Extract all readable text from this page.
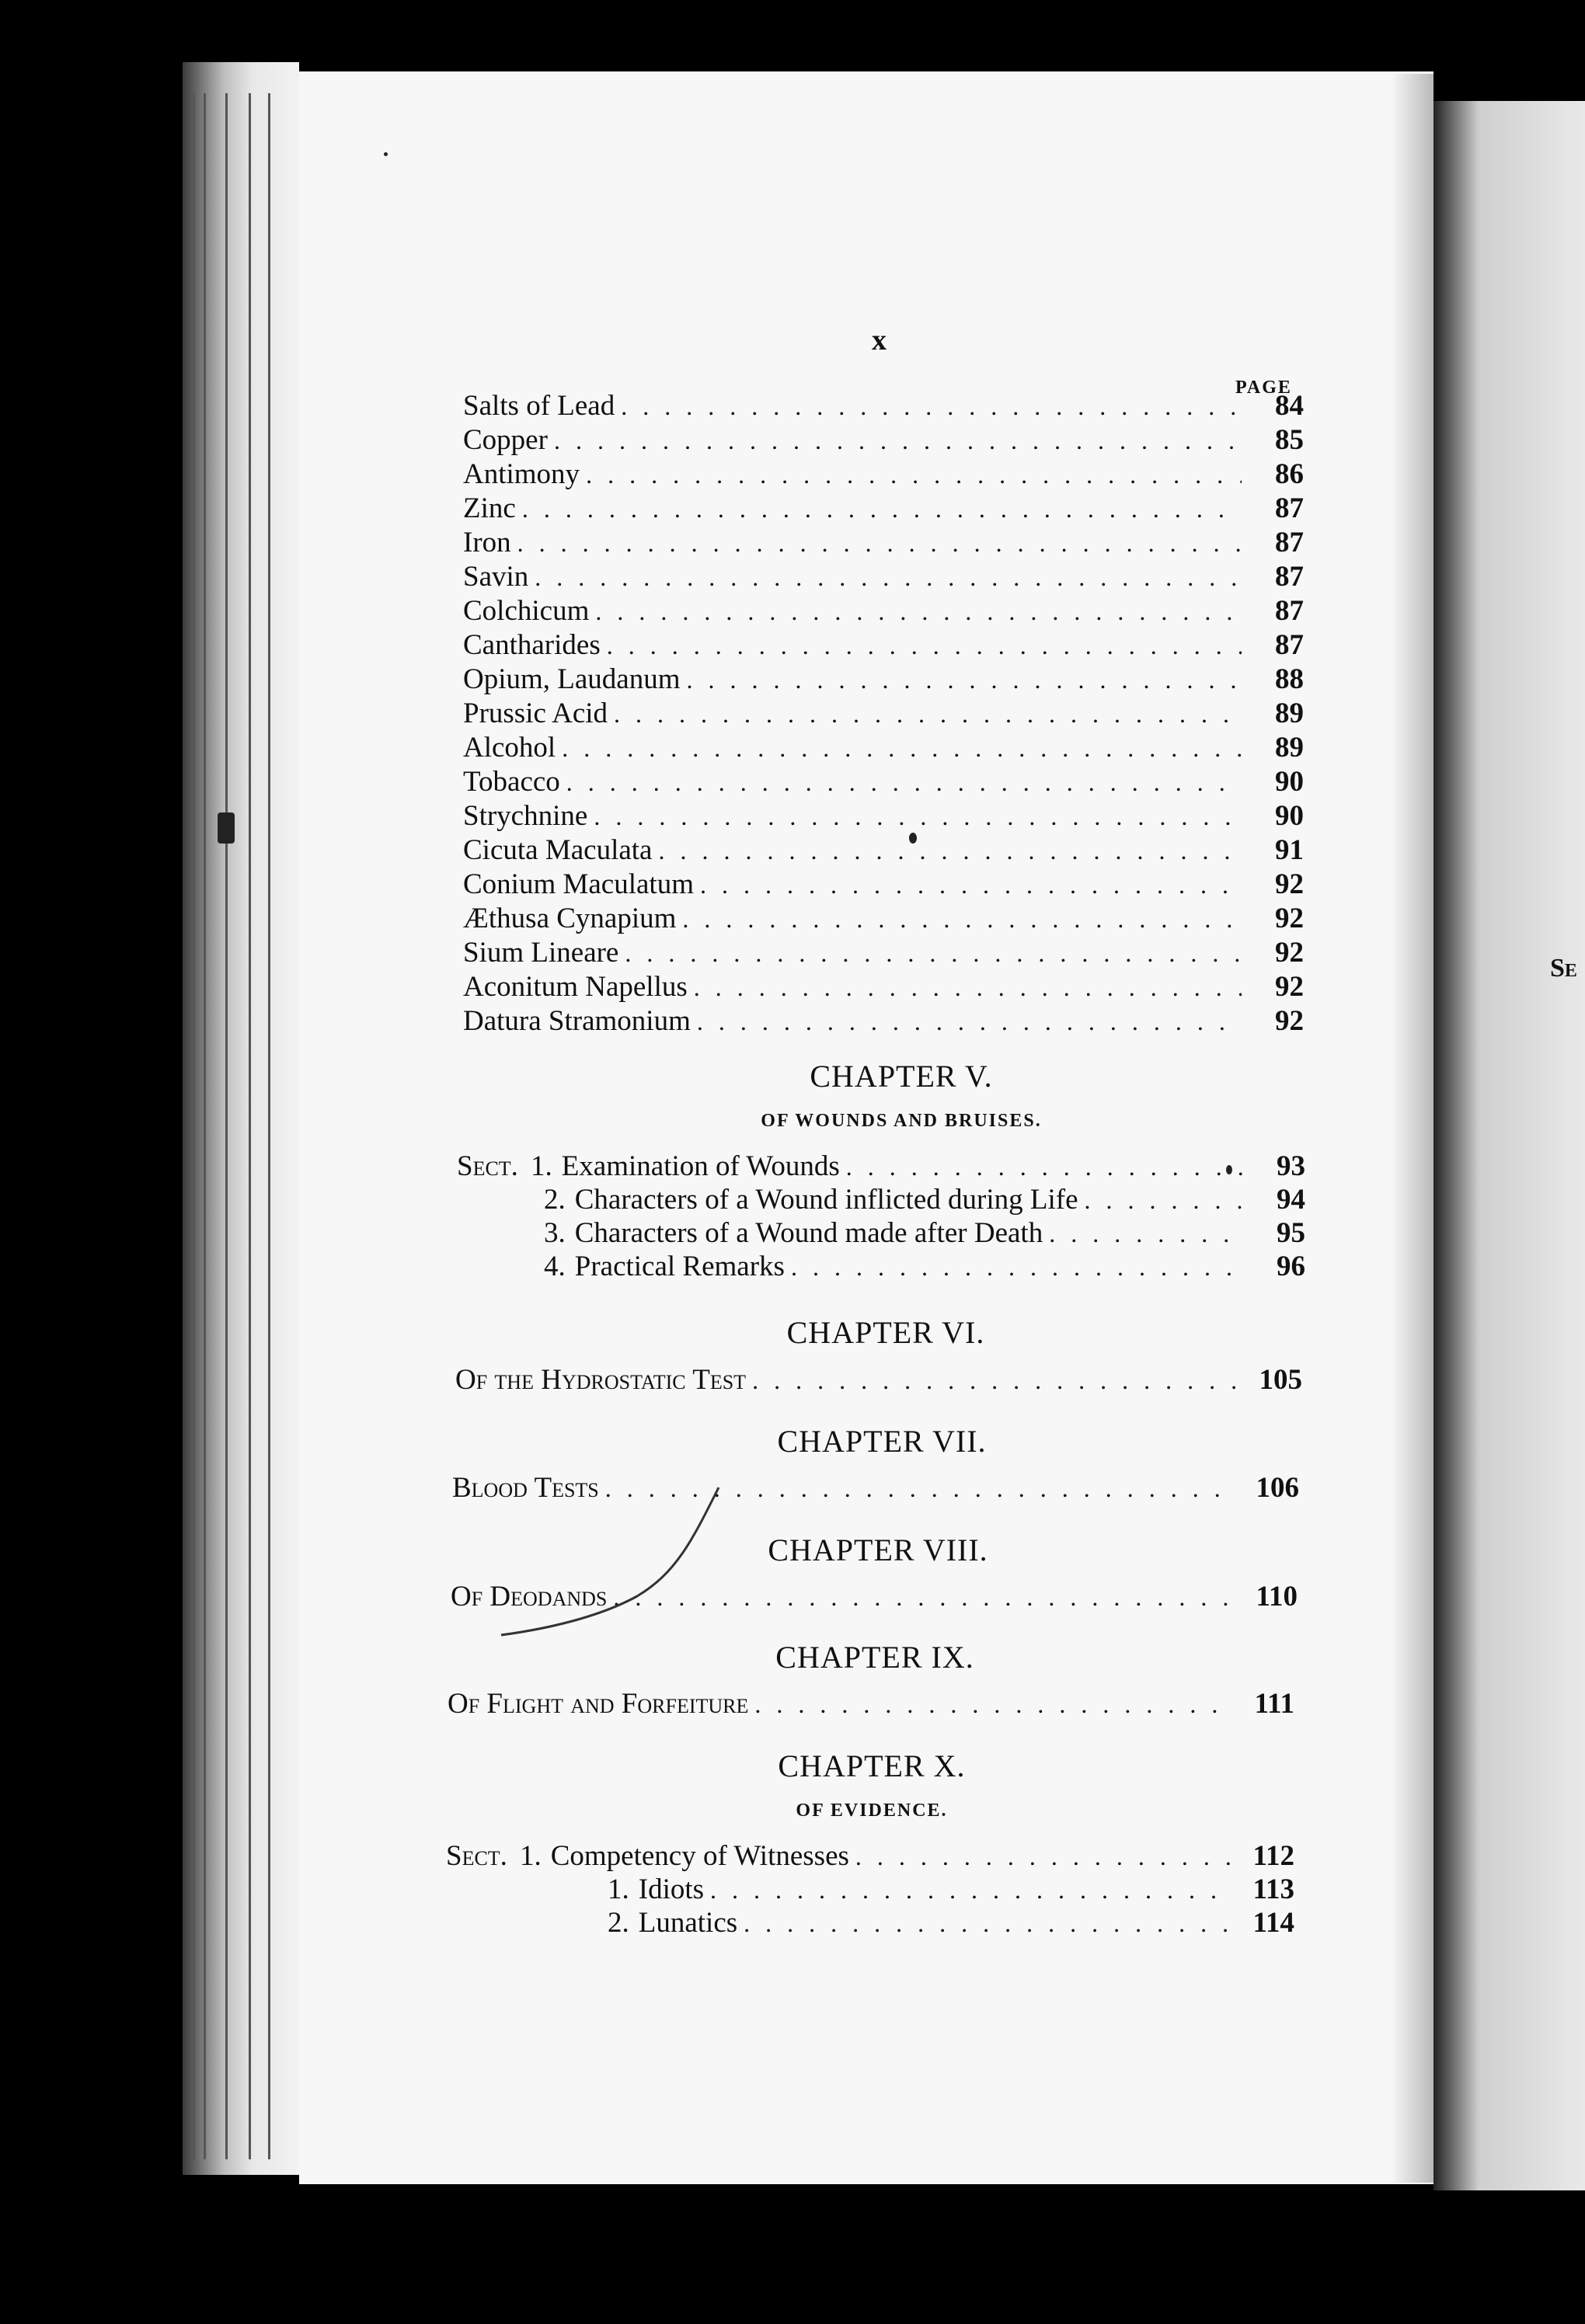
Se
x
PAGE
Salts of Lead . . .	84
Copper . . .	85
Antimony . . .	86
Zinc . . .	87
Iron . . .	87
Savin . . .	87
Colchicum . . .	87
Cantharides . . .	87
Opium, Laudanum . . .	88
Prussic Acid . . .	89
Alcohol . . .	89
Tobacco . . .	90
Strychnine . . .	90
Cicuta Maculata . . .	91
Conium Maculatum . . .	92
Æthusa Cynapium . . .	92
Sium Lineare . . .	92
Aconitum Napellus . . .	92
Datura Stramonium . . .	92
CHAPTER V.
OF WOUNDS AND BRUISES.
Sect. 1. Examination of Wounds . . .	93
2. Characters of a Wound inflicted during Life . . .	94
3. Characters of a Wound made after Death . . .	95
4. Practical Remarks . . .	96
CHAPTER VI.
Of the Hydrostatic Test . . .	105
CHAPTER VII.
Blood Tests . . .	106
CHAPTER VIII.
Of Deodands . . .	110
CHAPTER IX.
Of Flight and Forfeiture . . .	111
CHAPTER X.
OF EVIDENCE.
Sect. 1. Competency of Witnesses . . .	112
1. Idiots . . .	113
2. Lunatics . . .	114
